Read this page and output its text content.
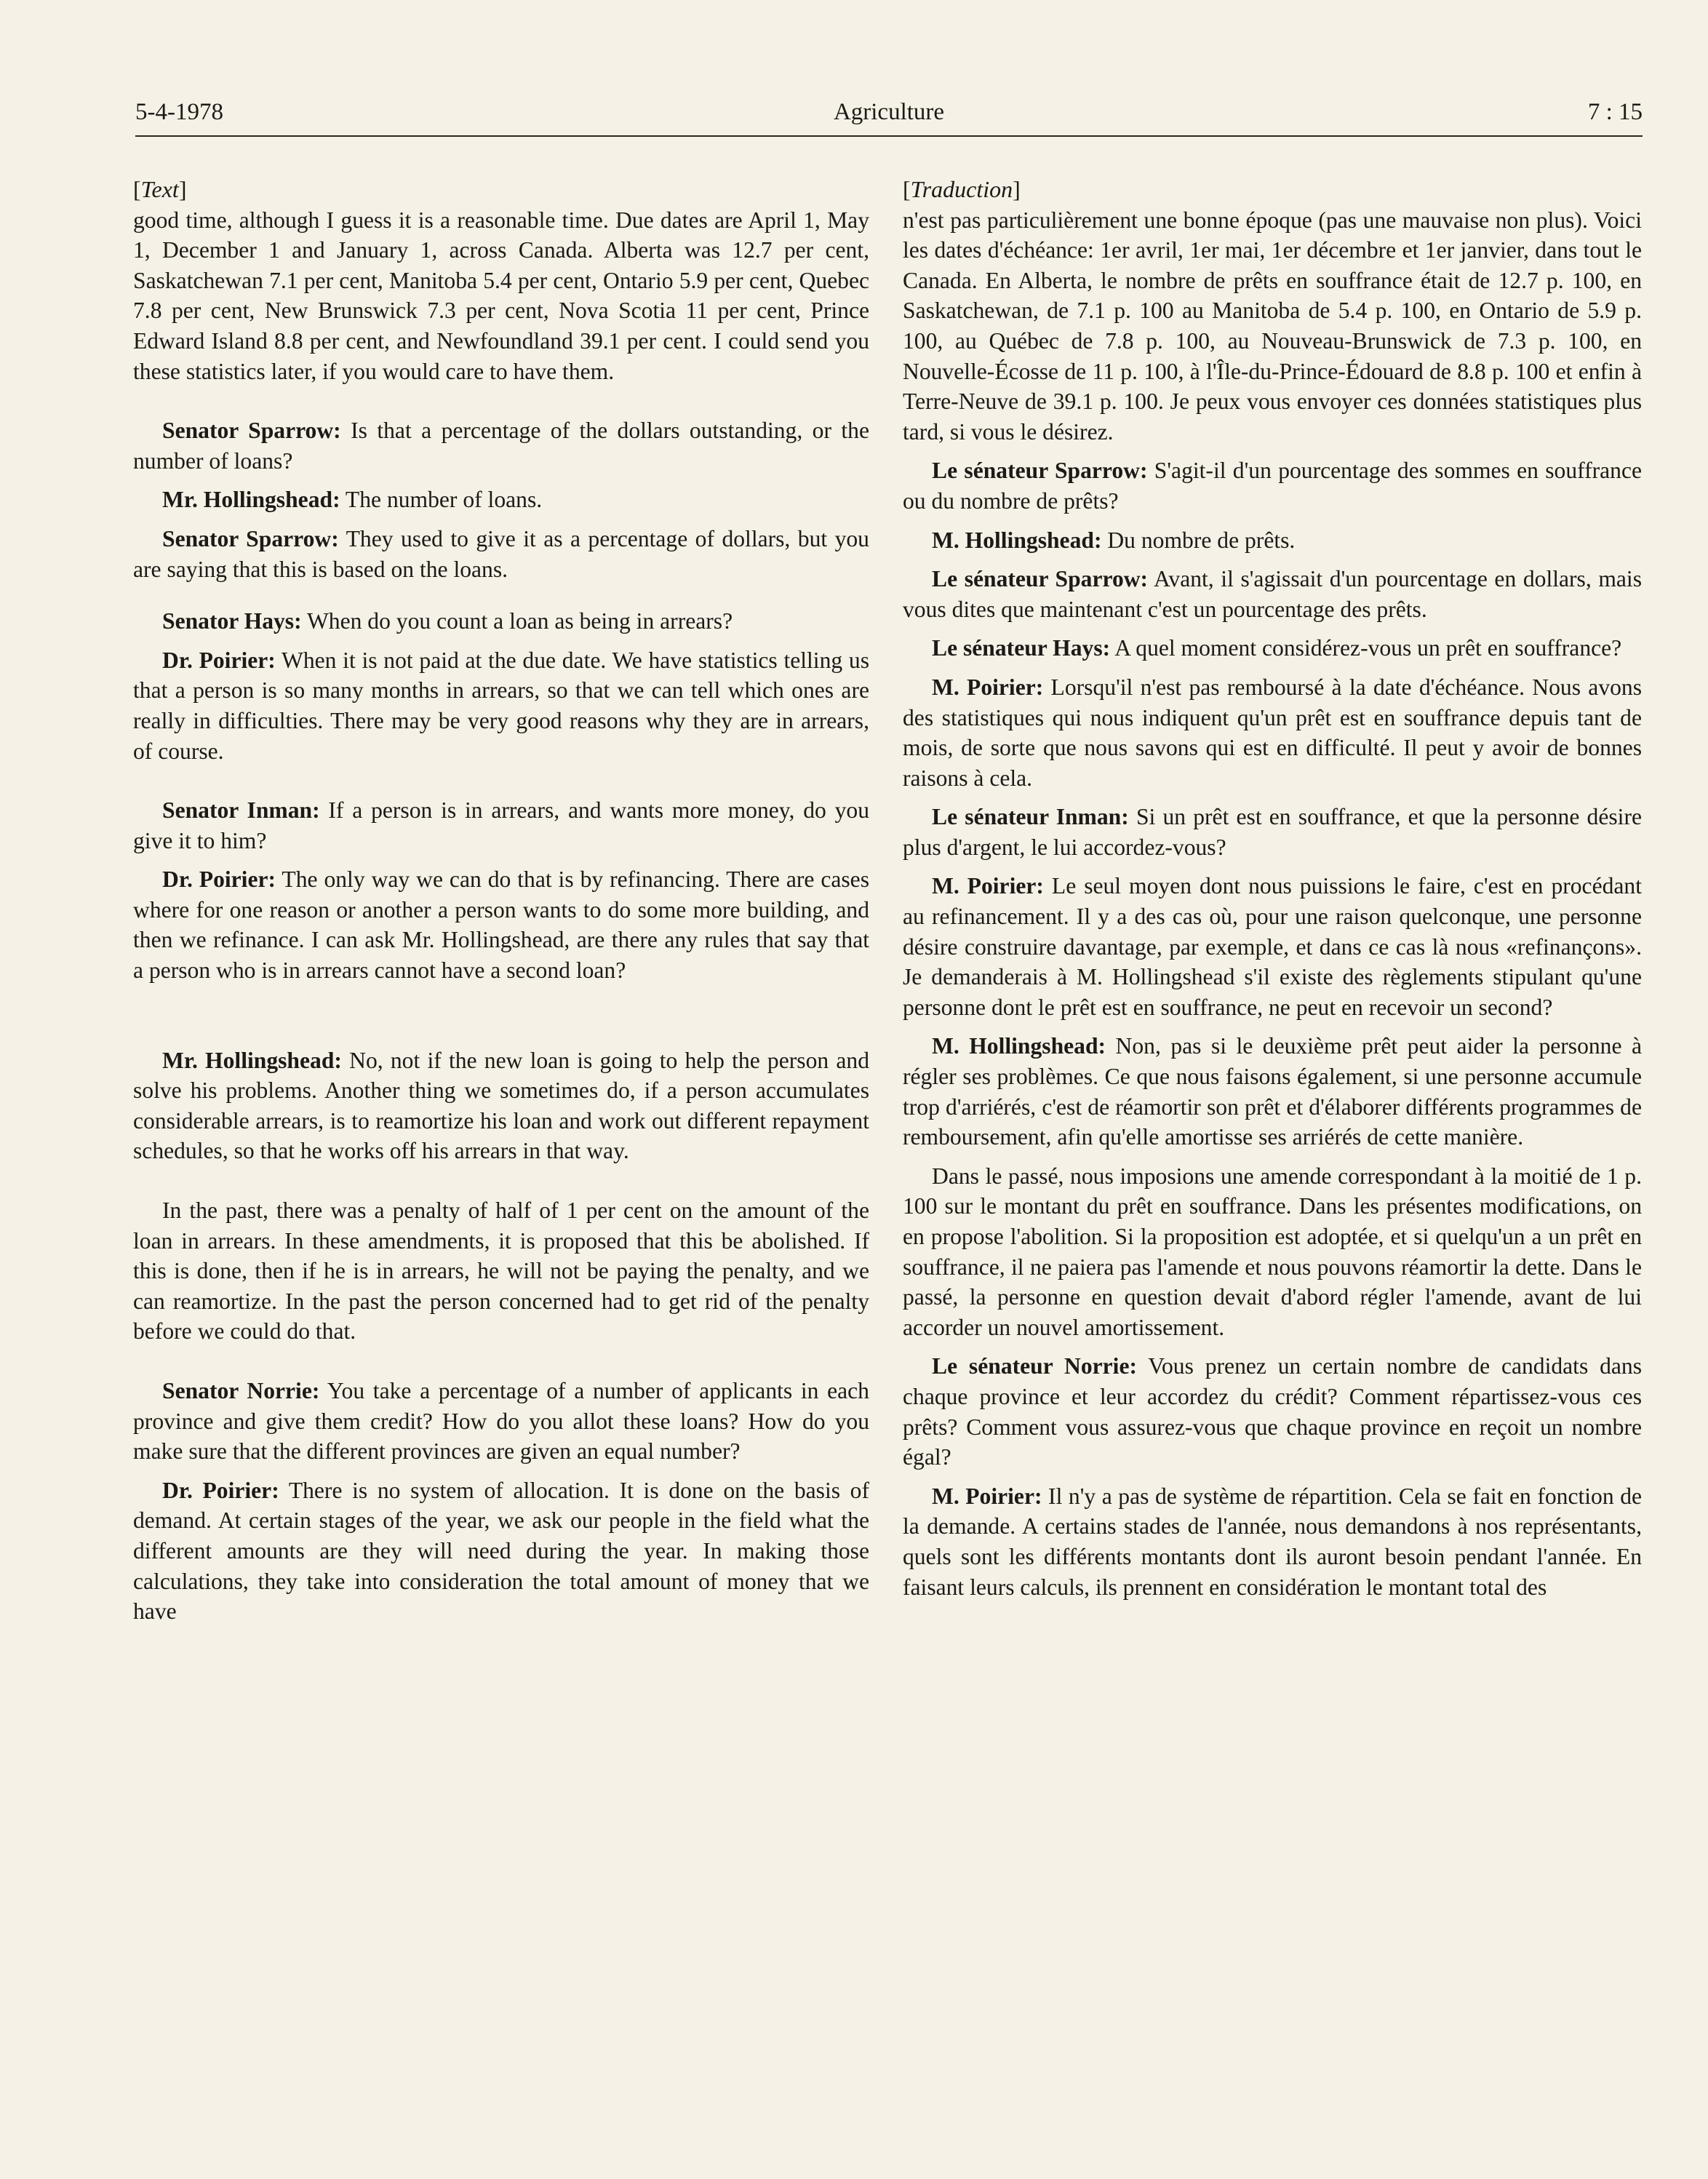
5-4-1978	Agriculture	7 : 15
[Text]

good time, although I guess it is a reasonable time. Due dates are April 1, May 1, December 1 and January 1, across Canada. Alberta was 12.7 per cent, Saskatchewan 7.1 per cent, Manitoba 5.4 per cent, Ontario 5.9 per cent, Quebec 7.8 per cent, New Brunswick 7.3 per cent, Nova Scotia 11 per cent, Prince Edward Island 8.8 per cent, and Newfoundland 39.1 per cent. I could send you these statistics later, if you would care to have them.

Senator Sparrow: Is that a percentage of the dollars outstanding, or the number of loans?

Mr. Hollingshead: The number of loans.

Senator Sparrow: They used to give it as a percentage of dollars, but you are saying that this is based on the loans.

Senator Hays: When do you count a loan as being in arrears?

Dr. Poirier: When it is not paid at the due date. We have statistics telling us that a person is so many months in arrears, so that we can tell which ones are really in difficulties. There may be very good reasons why they are in arrears, of course.

Senator Inman: If a person is in arrears, and wants more money, do you give it to him?

Dr. Poirier: The only way we can do that is by refinancing. There are cases where for one reason or another a person wants to do some more building, and then we refinance. I can ask Mr. Hollingshead, are there any rules that say that a person who is in arrears cannot have a second loan?

Mr. Hollingshead: No, not if the new loan is going to help the person and solve his problems. Another thing we sometimes do, if a person accumulates considerable arrears, is to reamortize his loan and work out different repayment schedules, so that he works off his arrears in that way.

In the past, there was a penalty of half of 1 per cent on the amount of the loan in arrears. In these amendments, it is proposed that this be abolished. If this is done, then if he is in arrears, he will not be paying the penalty, and we can reamortize. In the past the person concerned had to get rid of the penalty before we could do that.

Senator Norrie: You take a percentage of a number of applicants in each province and give them credit? How do you allot these loans? How do you make sure that the different provinces are given an equal number?

Dr. Poirier: There is no system of allocation. It is done on the basis of demand. At certain stages of the year, we ask our people in the field what the different amounts are they will need during the year. In making those calculations, they take into consideration the total amount of money that we have

[Traduction]

n'est pas particulièrement une bonne époque (pas une mauvaise non plus). Voici les dates d'échéance: 1er avril, 1er mai, 1er décembre et 1er janvier, dans tout le Canada. En Alberta, le nombre de prêts en souffrance était de 12.7 p. 100, en Saskatchewan, de 7.1 p. 100 au Manitoba de 5.4 p. 100, en Ontario de 5.9 p. 100, au Québec de 7.8 p. 100, au Nouveau-Brunswick de 7.3 p. 100, en Nouvelle-Écosse de 11 p. 100, à l'Île-du-Prince-Édouard de 8.8 p. 100 et enfin à Terre-Neuve de 39.1 p. 100. Je peux vous envoyer ces données statistiques plus tard, si vous le désirez.

Le sénateur Sparrow: S'agit-il d'un pourcentage des sommes en souffrance ou du nombre de prêts?

M. Hollingshead: Du nombre de prêts.

Le sénateur Sparrow: Avant, il s'agissait d'un pourcentage en dollars, mais vous dites que maintenant c'est un pourcentage des prêts.

Le sénateur Hays: A quel moment considérez-vous un prêt en souffrance?

M. Poirier: Lorsqu'il n'est pas remboursé à la date d'échéance. Nous avons des statistiques qui nous indiquent qu'un prêt est en souffrance depuis tant de mois, de sorte que nous savons qui est en difficulté. Il peut y avoir de bonnes raisons à cela.

Le sénateur Inman: Si un prêt est en souffrance, et que la personne désire plus d'argent, le lui accordez-vous?

M. Poirier: Le seul moyen dont nous puissions le faire, c'est en procédant au refinancement. Il y a des cas où, pour une raison quelconque, une personne désire construire davantage, par exemple, et dans ce cas là nous «refinançons». Je demanderais à M. Hollingshead s'il existe des règlements stipulant qu'une personne dont le prêt est en souffrance, ne peut en recevoir un second?

M. Hollingshead: Non, pas si le deuxième prêt peut aider la personne à régler ses problèmes. Ce que nous faisons également, si une personne accumule trop d'arriérés, c'est de réamortir son prêt et d'élaborer différents programmes de remboursement, afin qu'elle amortisse ses arriérés de cette manière.

Dans le passé, nous imposions une amende correspondant à la moitié de 1 p. 100 sur le montant du prêt en souffrance. Dans les présentes modifications, on en propose l'abolition. Si la proposition est adoptée, et si quelqu'un a un prêt en souffrance, il ne paiera pas l'amende et nous pouvons réamortir la dette. Dans le passé, la personne en question devait d'abord régler l'amende, avant de lui accorder un nouvel amortissement.

Le sénateur Norrie: Vous prenez un certain nombre de candidats dans chaque province et leur accordez du crédit? Comment répartissez-vous ces prêts? Comment vous assurez-vous que chaque province en reçoit un nombre égal?

M. Poirier: Il n'y a pas de système de répartition. Cela se fait en fonction de la demande. A certains stades de l'année, nous demandons à nos représentants, quels sont les différents montants dont ils auront besoin pendant l'année. En faisant leurs calculs, ils prennent en considération le montant total des
